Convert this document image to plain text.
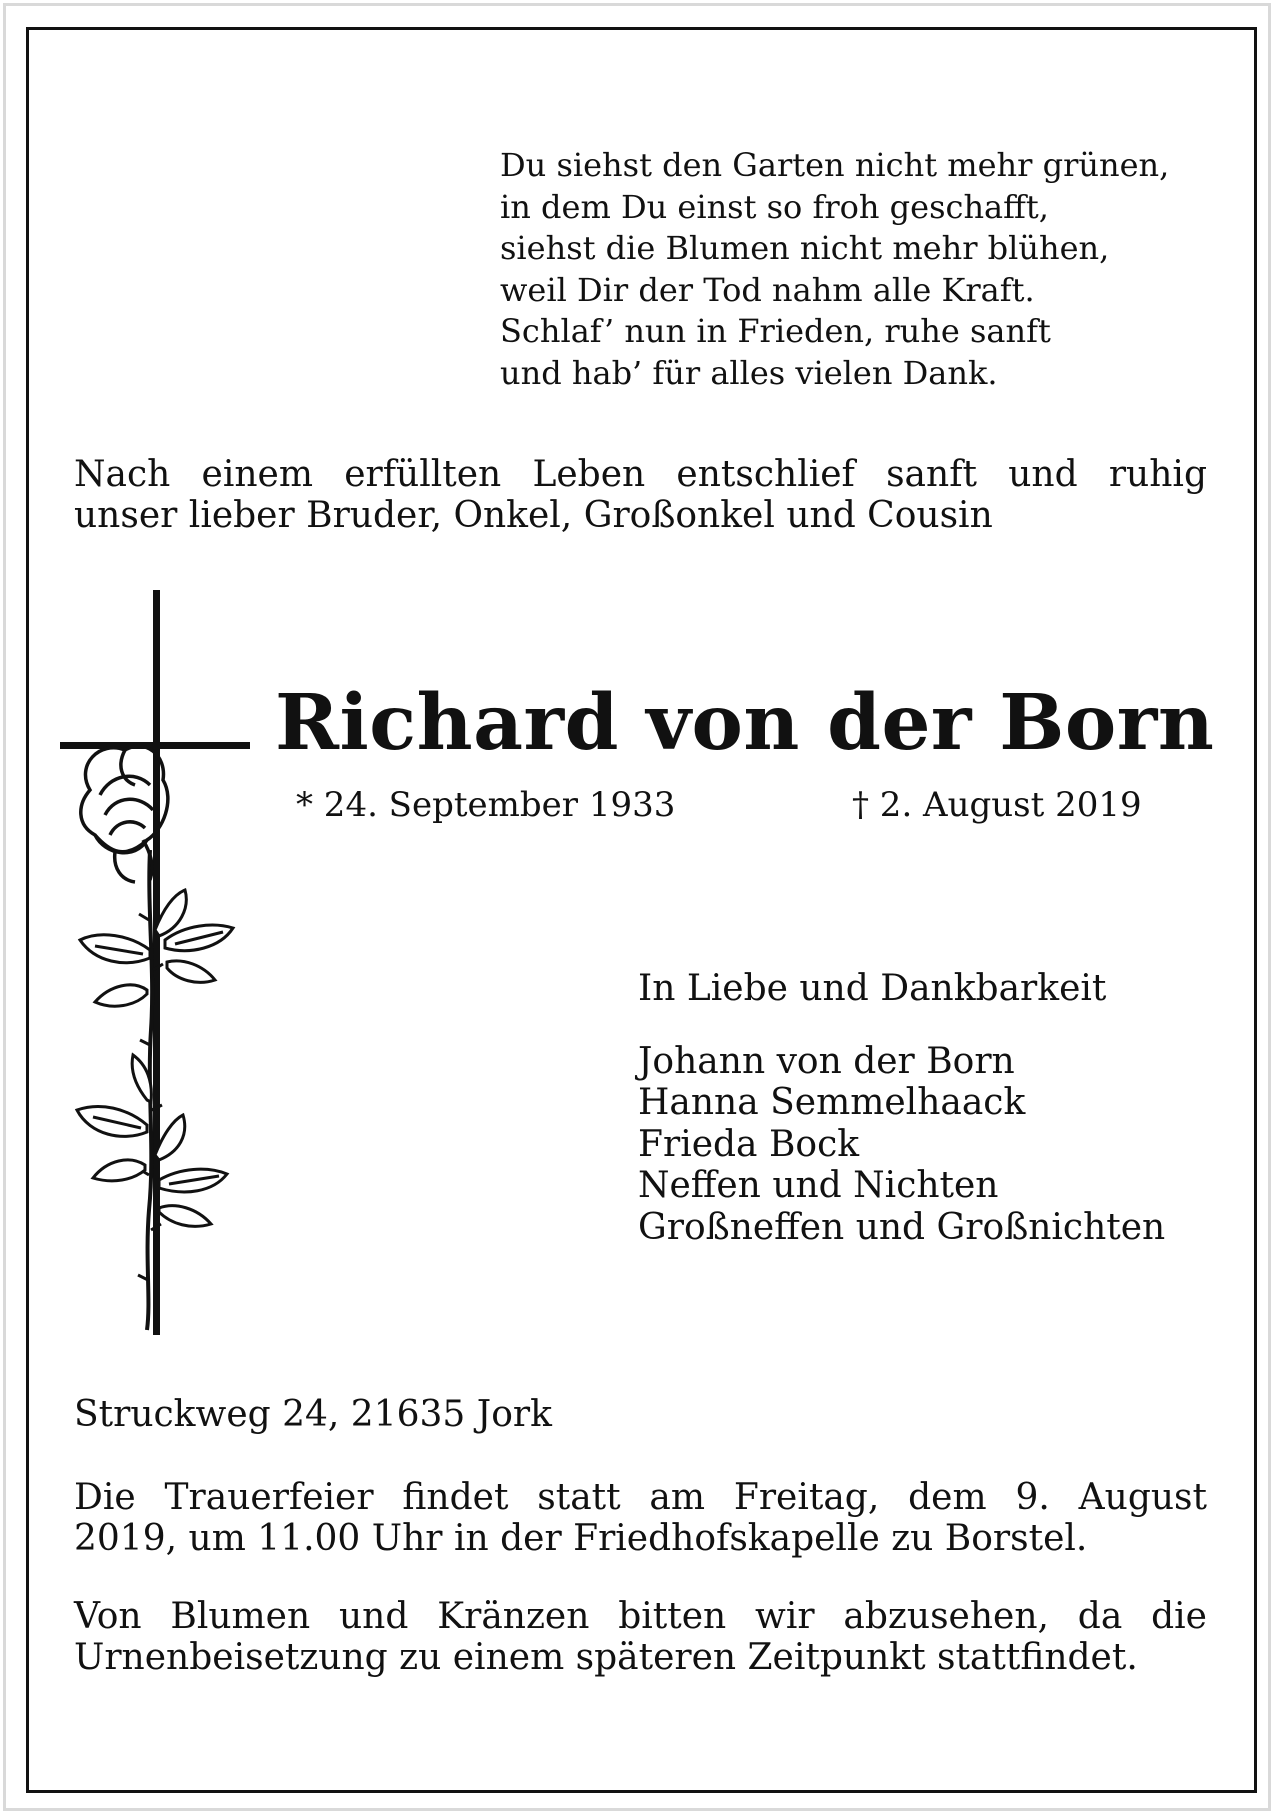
Du siehst den Garten nicht mehr grünen,
in dem Du einst so froh geschafft,
siehst die Blumen nicht mehr blühen,
weil Dir der Tod nahm alle Kraft.
Schlaf’ nun in Frieden, ruhe sanft
und hab’ für alles vielen Dank.
Nach einem erfüllten Leben entschlief sanft und ruhig
unser lieber Bruder, Onkel, Großonkel und Cousin
Richard von der Born
* 24. September 1933	† 2. August 2019
In Liebe und Dankbarkeit
Johann von der Born
Hanna Semmelhaack
Frieda Bock
Neffen und Nichten
Großneffen und Großnichten
Struckweg 24, 21635 Jork
Die Trauerfeier findet statt am Freitag, dem 9. August
2019, um 11.00 Uhr in der Friedhofskapelle zu Borstel.
Von Blumen und Kränzen bitten wir abzusehen, da die
Urnenbeisetzung zu einem späteren Zeitpunkt stattfindet.
